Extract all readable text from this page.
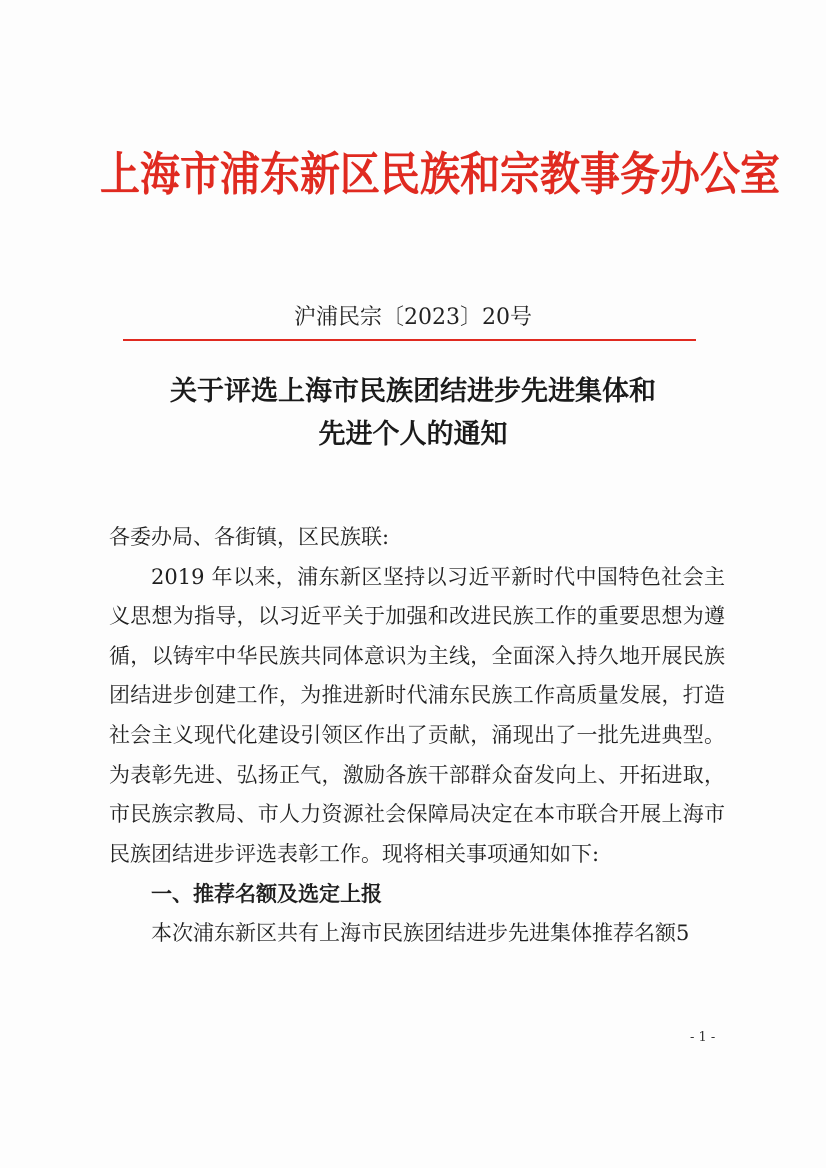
上海市浦东新区民族和宗教事务办公室
沪浦民宗〔2023〕20号
关于评选上海市民族团结进步先进集体和
先进个人的通知

各委办局、各街镇，区民族联:

2019 年以来，浦东新区坚持以习近平新时代中国特色社会主义思想为指导，以习近平关于加强和改进民族工作的重要思想为遵循，以铸牢中华民族共同体意识为主线，全面深入持久地开展民族团结进步创建工作，为推进新时代浦东民族工作高质量发展，打造社会主义现代化建设引领区作出了贡献，涌现出了一批先进典型。为表彰先进、弘扬正气，激励各族干部群众奋发向上、开拓进取，市民族宗教局、市人力资源社会保障局决定在本市联合开展上海市民族团结进步评选表彰工作。现将相关事项通知如下:

一、推荐名额及选定上报

本次浦东新区共有上海市民族团结进步先进集体推荐名额5

- 1 -
